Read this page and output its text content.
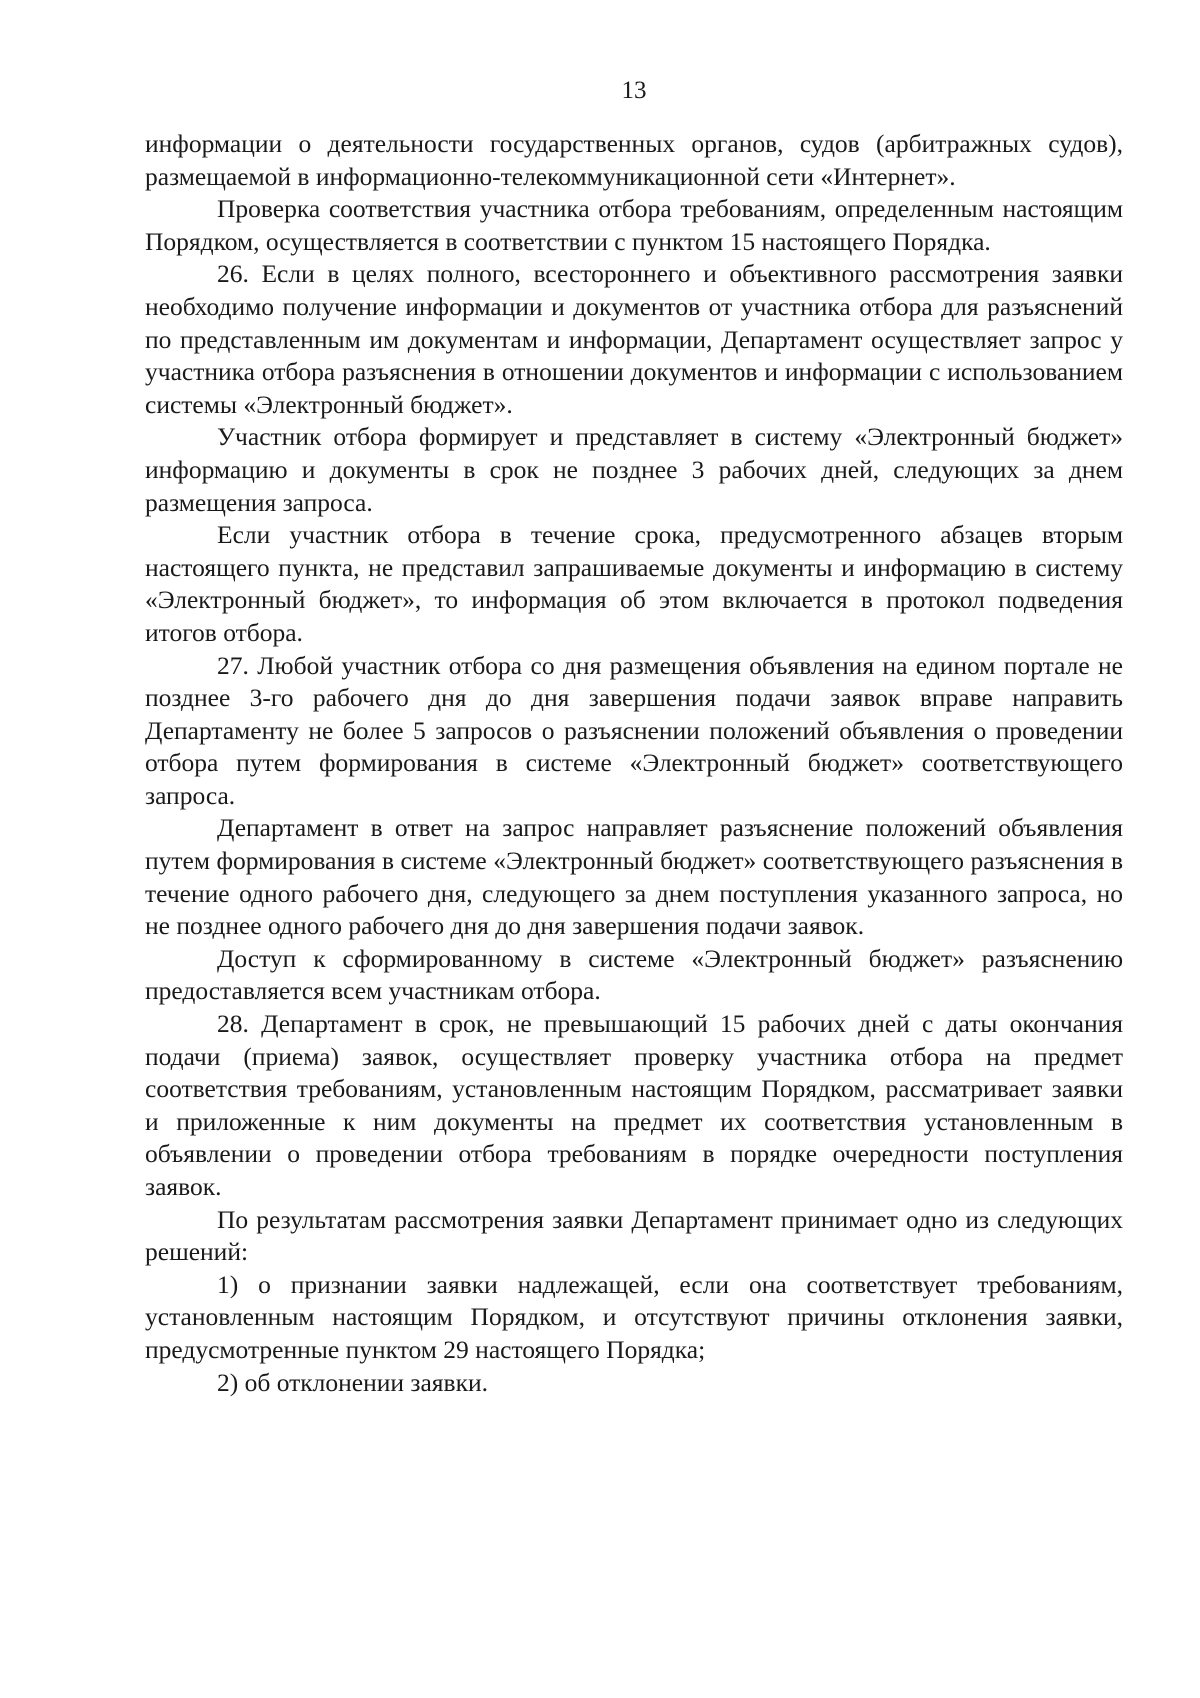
13

информации о деятельности государственных органов, судов (арбитражных судов), размещаемой в информационно-телекоммуникационной сети «Интернет».

Проверка соответствия участника отбора требованиям, определенным настоящим Порядком, осуществляется в соответствии с пунктом 15 настоящего Порядка.

26. Если в целях полного, всестороннего и объективного рассмотрения заявки необходимо получение информации и документов от участника отбора для разъяснений по представленным им документам и информации, Департамент осуществляет запрос у участника отбора разъяснения в отношении документов и информации с использованием системы «Электронный бюджет».

Участник отбора формирует и представляет в систему «Электронный бюджет» информацию и документы в срок не позднее 3 рабочих дней, следующих за днем размещения запроса.

Если участник отбора в течение срока, предусмотренного абзацев вторым настоящего пункта, не представил запрашиваемые документы и информацию в систему «Электронный бюджет», то информация об этом включается в протокол подведения итогов отбора.

27. Любой участник отбора со дня размещения объявления на едином портале не позднее 3-го рабочего дня до дня завершения подачи заявок вправе направить Департаменту не более 5 запросов о разъяснении положений объявления о проведении отбора путем формирования в системе «Электронный бюджет» соответствующего запроса.

Департамент в ответ на запрос направляет разъяснение положений объявления путем формирования в системе «Электронный бюджет» соответствующего разъяснения в течение одного рабочего дня, следующего за днем поступления указанного запроса, но не позднее одного рабочего дня до дня завершения подачи заявок.

Доступ к сформированному в системе «Электронный бюджет» разъяснению предоставляется всем участникам отбора.

28. Департамент в срок, не превышающий 15 рабочих дней с даты окончания подачи (приема) заявок, осуществляет проверку участника отбора на предмет соответствия требованиям, установленным настоящим Порядком, рассматривает заявки и приложенные к ним документы на предмет их соответствия установленным в объявлении о проведении отбора требованиям в порядке очередности поступления заявок.

По результатам рассмотрения заявки Департамент принимает одно из следующих решений:

1) о признании заявки надлежащей, если она соответствует требованиям, установленным настоящим Порядком, и отсутствуют причины отклонения заявки, предусмотренные пунктом 29 настоящего Порядка;

2) об отклонении заявки.
